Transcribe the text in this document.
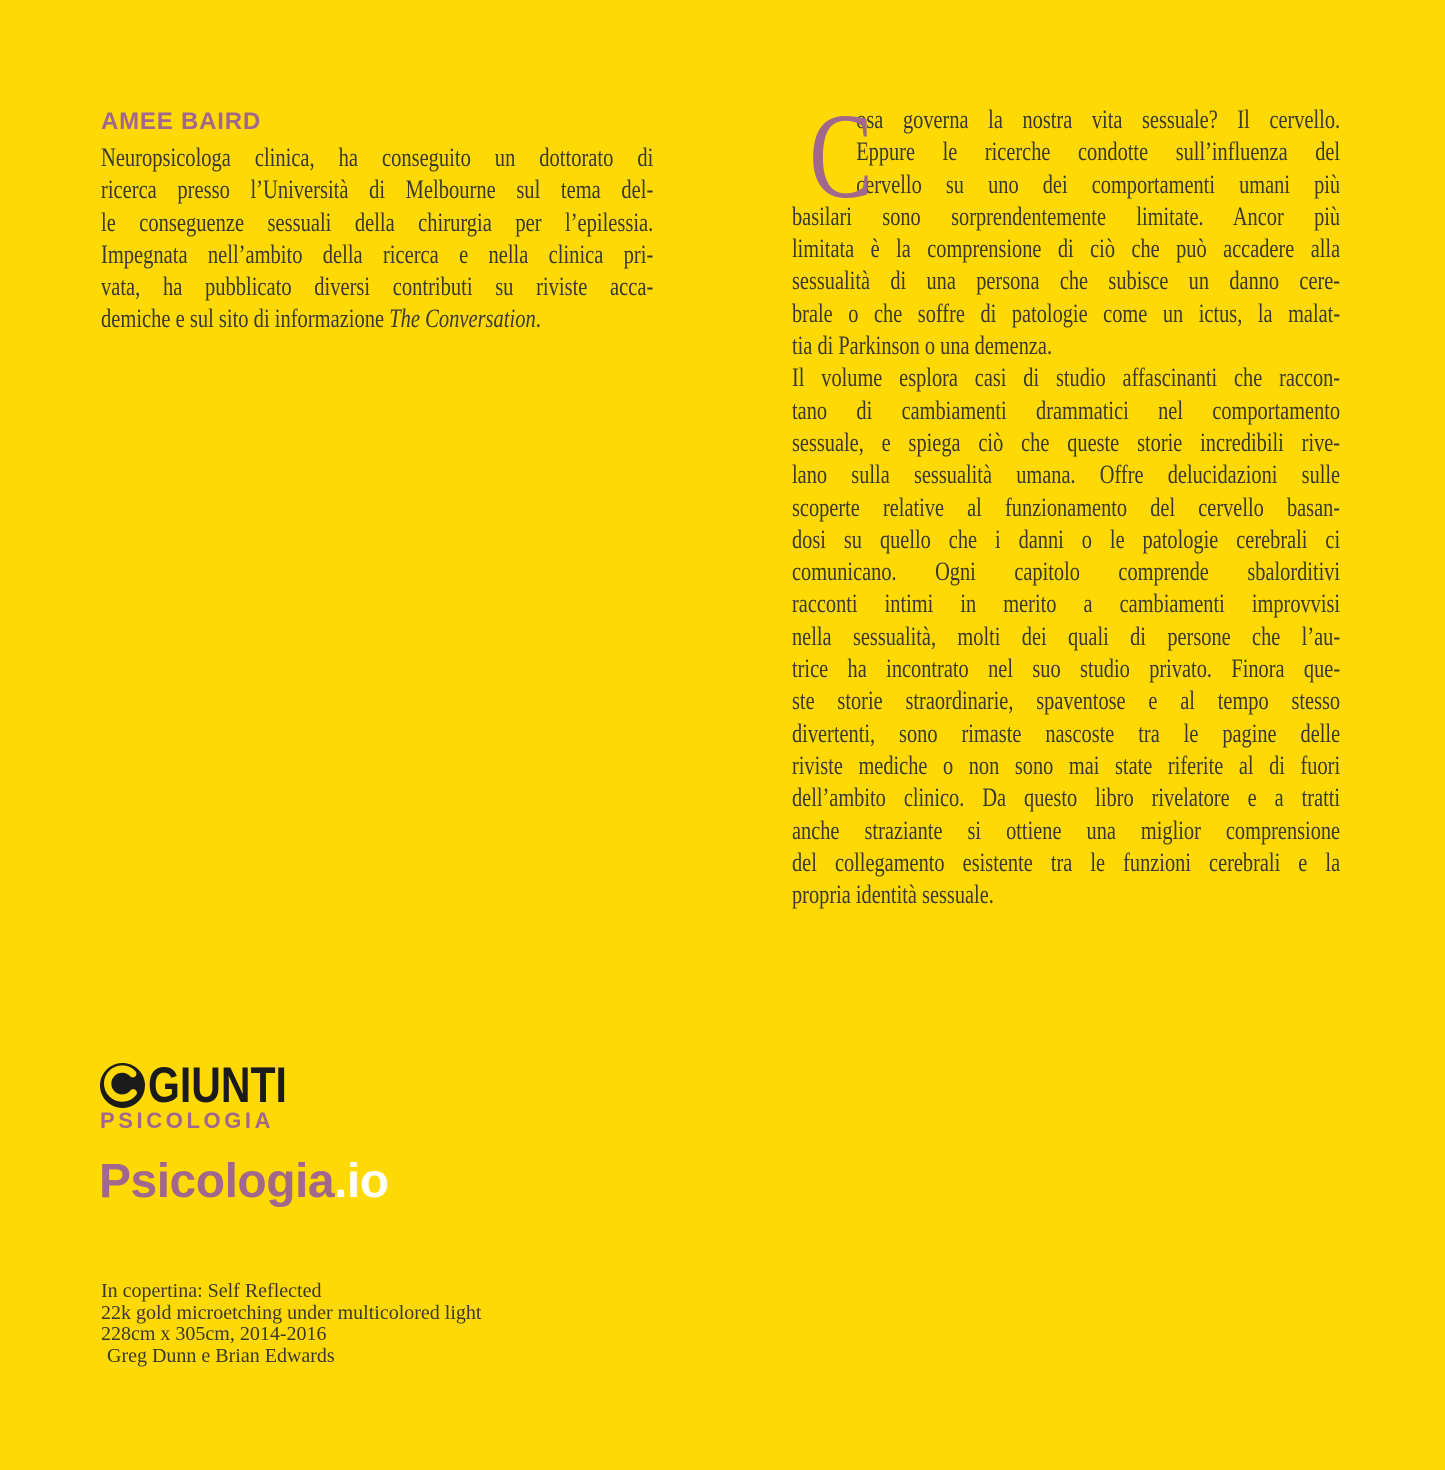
AMEE BAIRD
Neuropsicologa clinica, ha conseguito un dottorato di
ricerca presso l’Università di Melbourne sul tema del-
le conseguenze sessuali della chirurgia per l’epilessia.
Impegnata nell’ambito della ricerca e nella clinica pri-
vata, ha pubblicato diversi contributi su riviste acca-
demiche e sul sito di informazione The Conversation.
C
osa governa la nostra vita sessuale? Il cervello.
Eppure le ricerche condotte sull’influenza del
cervello su uno dei comportamenti umani più
basilari sono sorprendentemente limitate. Ancor più
limitata è la comprensione di ciò che può accadere alla
sessualità di una persona che subisce un danno cere-
brale o che soffre di patologie come un ictus, la malat-
tia di Parkinson o una demenza.
Il volume esplora casi di studio affascinanti che raccon-
tano di cambiamenti drammatici nel comportamento
sessuale, e spiega ciò che queste storie incredibili rive-
lano sulla sessualità umana. Offre delucidazioni sulle
scoperte relative al funzionamento del cervello basan-
dosi su quello che i danni o le patologie cerebrali ci
comunicano. Ogni capitolo comprende sbalorditivi
racconti intimi in merito a cambiamenti improvvisi
nella sessualità, molti dei quali di persone che l’au-
trice ha incontrato nel suo studio privato. Finora que-
ste storie straordinarie, spaventose e al tempo stesso
divertenti, sono rimaste nascoste tra le pagine delle
riviste mediche o non sono mai state riferite al di fuori
dell’ambito clinico. Da questo libro rivelatore e a tratti
anche straziante si ottiene una miglior comprensione
del collegamento esistente tra le funzioni cerebrali e la
propria identità sessuale.
GIUNTI
PSICOLOGIA
Psicologia.io
In copertina: Self Reflected
22k gold microetching under multicolored light
228cm x 305cm, 2014-2016
Greg Dunn e Brian Edwards
